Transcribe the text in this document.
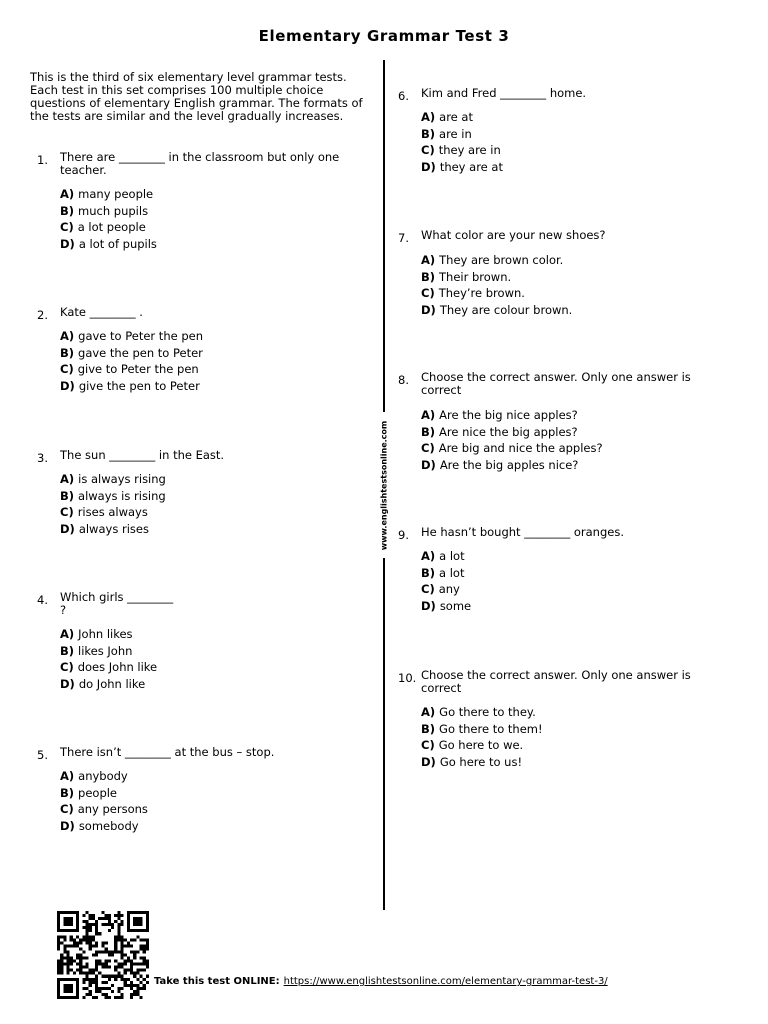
Elementary Grammar Test 3
This is the third of six elementary level grammar tests. Each test in this set comprises 100 multiple choice questions of elementary English grammar. The formats of the tests are similar and the level gradually increases.
www.englishtestsonline.com
1.	There are ________ in the classroom but only one teacher.
A) many people
B) much pupils
C) a lot people
D) a lot of pupils
2.	Kate ________ .
A) gave to Peter the pen
B) gave the pen to Peter
C) give to Peter the pen
D) give the pen to Peter
3.	The sun ________ in the East.
A) is always rising
B) always is rising
C) rises always
D) always rises
4.	Which girls ________ ?
A) John likes
B) likes John
C) does John like
D) do John like
5.	There isn’t ________ at the bus – stop.
A) anybody
B) people
C) any persons
D) somebody
6.	Kim and Fred ________ home.
A) are at
B) are in
C) they are in
D) they are at
7.	What color are your new shoes?
A) They are brown color.
B) Their brown.
C) They’re brown.
D) They are colour brown.
8.	Choose the correct answer. Only one answer is correct
A) Are the big nice apples?
B) Are nice the big apples?
C) Are big and nice the apples?
D) Are the big apples nice?
9.	He hasn’t bought ________ oranges.
A) a lot
B) a lot
C) any
D) some
10. Choose the correct answer. Only one answer is correct
A) Go there to they.
B) Go there to them!
C) Go here to we.
D) Go here to us!
Take this test ONLINE: https://www.englishtestsonline.com/elementary-grammar-test-3/
